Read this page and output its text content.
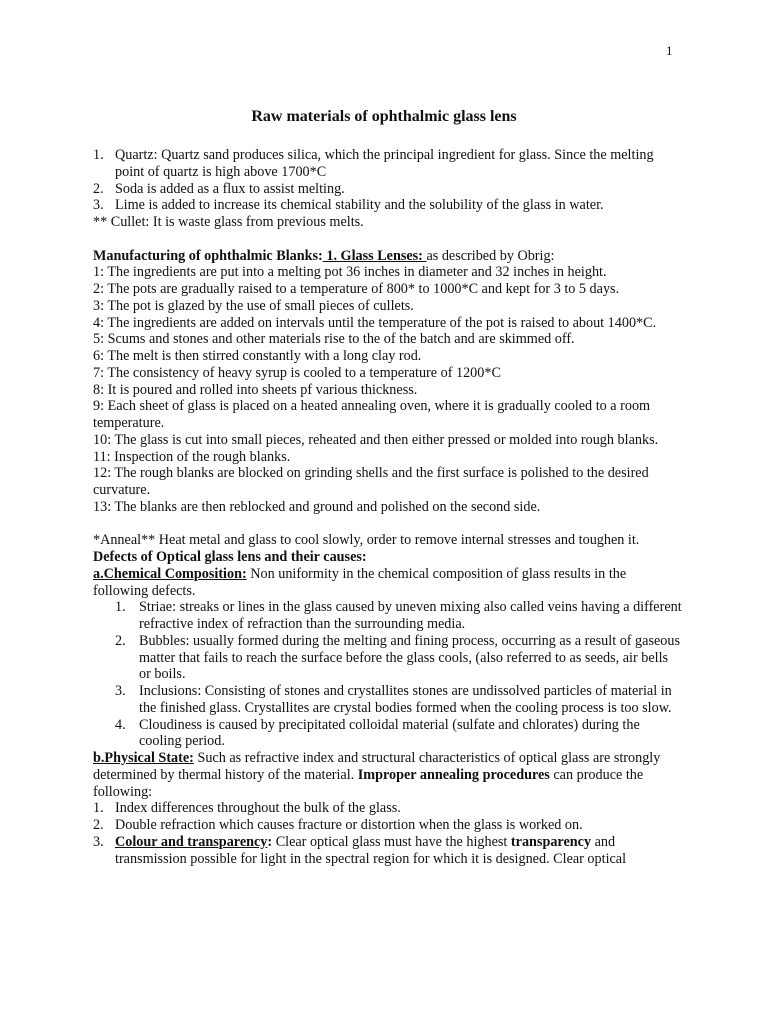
1
Raw materials of ophthalmic glass lens
1. Quartz: Quartz sand produces silica, which the principal ingredient for glass. Since the melting point of quartz is high above 1700*C
2. Soda is added as a flux to assist melting.
3. Lime is added to increase its chemical stability and the solubility of the glass in water.
** Cullet: It is waste glass from previous melts.
Manufacturing of ophthalmic Blanks: 1. Glass Lenses: as described by Obrig:
1: The ingredients are put into a melting pot 36 inches in diameter and 32 inches in height.
2: The pots are gradually raised to a temperature of 800* to 1000*C and kept for 3 to 5 days.
3: The pot is glazed by the use of small pieces of cullets.
4: The ingredients are added on intervals until the temperature of the pot is raised to about 1400*C.
5: Scums and stones and other materials rise to the of the batch and are skimmed off.
6: The melt is then stirred constantly with a long clay rod.
7: The consistency of heavy syrup is cooled to a temperature of 1200*C
8: It is poured and rolled into sheets pf various thickness.
9: Each sheet of glass is placed on a heated annealing oven, where it is gradually cooled to a room temperature.
10: The glass is cut into small pieces, reheated and then either pressed or molded into rough blanks.
11: Inspection of the rough blanks.
12: The rough blanks are blocked on grinding shells and the first surface is polished to the desired curvature.
13: The blanks are then reblocked and ground and polished on the second side.
*Anneal** Heat metal and glass to cool slowly, order to remove internal stresses and toughen it.
Defects of Optical glass lens and their causes:
a.Chemical Composition: Non uniformity in the chemical composition of glass results in the following defects.
1. Striae: streaks or lines in the glass caused by uneven mixing also called veins having a different refractive index of refraction than the surrounding media.
2. Bubbles: usually formed during the melting and fining process, occurring as a result of gaseous matter that fails to reach the surface before the glass cools, (also referred to as seeds, air bells or boils.
3. Inclusions: Consisting of stones and crystallites stones are undissolved particles of material in the finished glass. Crystallites are crystal bodies formed when the cooling process is too slow.
4. Cloudiness is caused by precipitated colloidal material (sulfate and chlorates) during the cooling period.
b.Physical State: Such as refractive index and structural characteristics of optical glass are strongly determined by thermal history of the material. Improper annealing procedures can produce the following:
1. Index differences throughout the bulk of the glass.
2. Double refraction which causes fracture or distortion when the glass is worked on.
3. Colour and transparency: Clear optical glass must have the highest transparency and transmission possible for light in the spectral region for which it is designed. Clear optical
